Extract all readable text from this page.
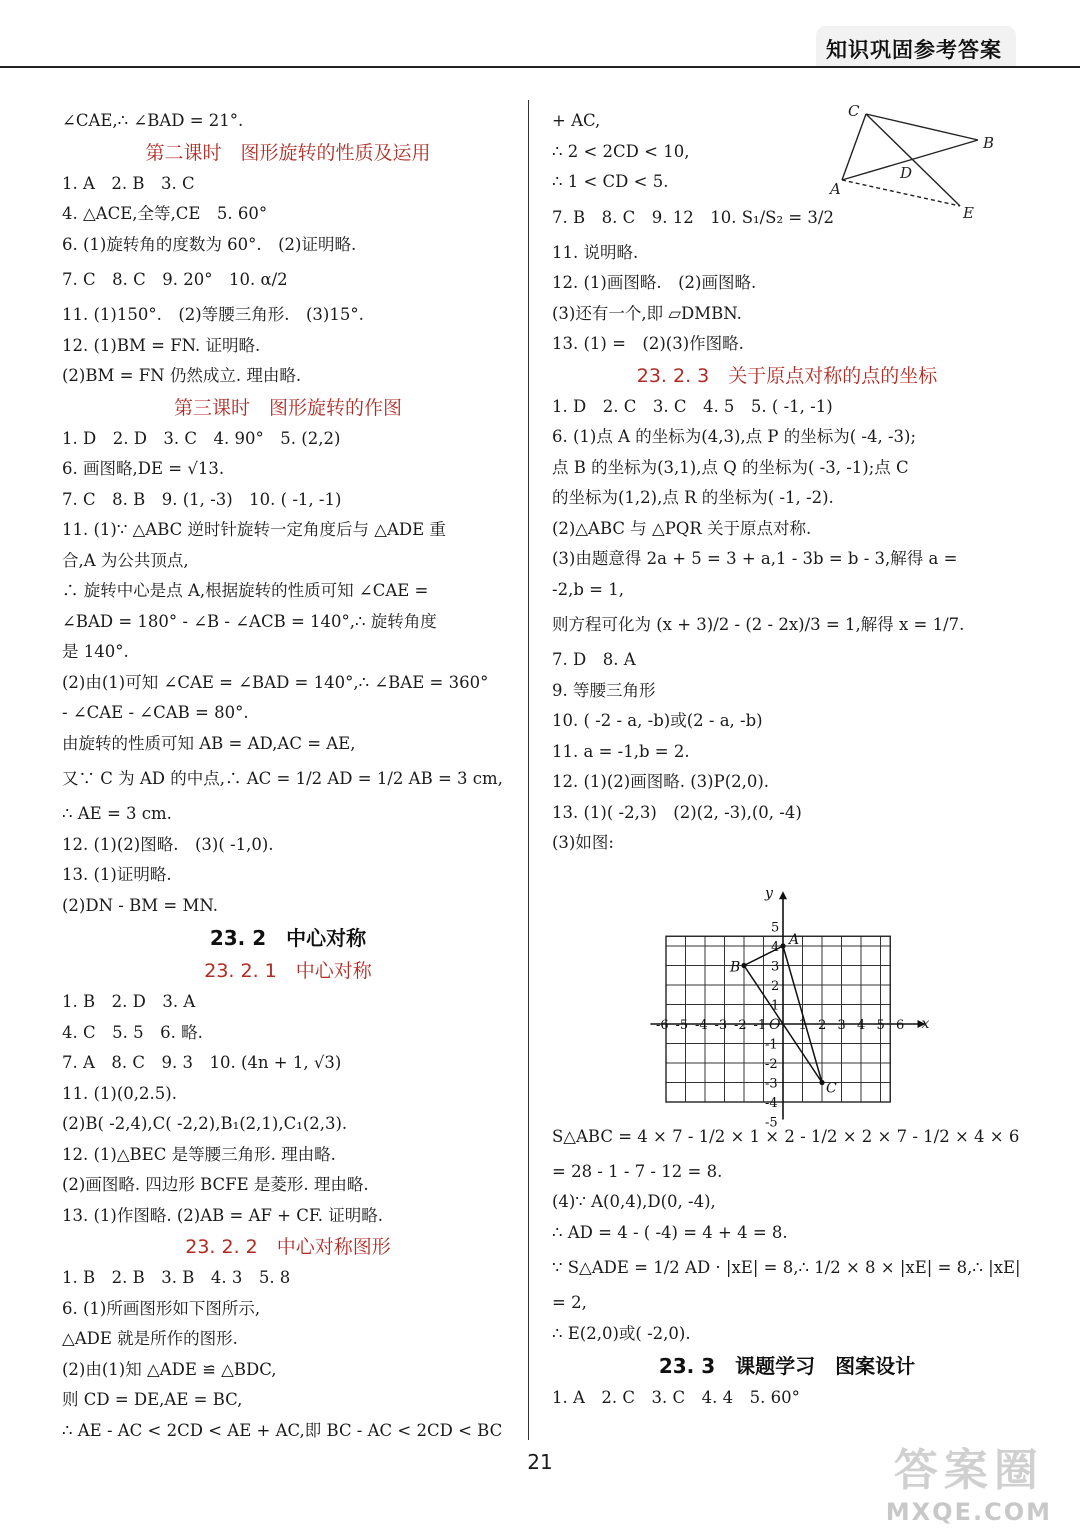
知识巩固参考答案
∠CAE,∴ ∠BAD = 21°.
第二课时　图形旋转的性质及运用
1. A　2. B　3. C
4. △ACE,全等,CE　5. 60°
6. (1)旋转角的度数为 60°.　(2)证明略.
7. C　8. C　9. 20°　10. α/2
11. (1)150°.　(2)等腰三角形.　(3)15°.
12. (1)BM = FN. 证明略.
(2)BM = FN 仍然成立. 理由略.
第三课时　图形旋转的作图
1. D　2. D　3. C　4. 90°　5. (2,2)
6. 画图略,DE = √13.
7. C　8. B　9. (1, -3)　10. ( -1, -1)
11. (1)∵ △ABC 逆时针旋转一定角度后与 △ADE 重
合,A 为公共顶点,
∴ 旋转中心是点 A,根据旋转的性质可知 ∠CAE =
∠BAD = 180° - ∠B - ∠ACB = 140°,∴ 旋转角度
是 140°.
(2)由(1)可知 ∠CAE = ∠BAD = 140°,∴ ∠BAE = 360°
- ∠CAE - ∠CAB = 80°.
由旋转的性质可知 AB = AD,AC = AE,
又∵ C 为 AD 的中点,∴ AC = 1/2 AD = 1/2 AB = 3 cm,
∴ AE = 3 cm.
12. (1)(2)图略.　(3)( -1,0).
13. (1)证明略.
(2)DN - BM = MN.
23. 2　中心对称
23. 2. 1　中心对称
1. B　2. D　3. A
4. C　5. 5　6. 略.
7. A　8. C　9. 3　10. (4n + 1, √3)
11. (1)(0,2.5).
(2)B( -2,4),C( -2,2),B₁(2,1),C₁(2,3).
12. (1)△BEC 是等腰三角形. 理由略.
(2)画图略. 四边形 BCFE 是菱形. 理由略.
13. (1)作图略. (2)AB = AF + CF. 证明略.
23. 2. 2　中心对称图形
1. B　2. B　3. B　4. 3　5. 8
6. (1)所画图形如下图所示,
△ADE 就是所作的图形.
(2)由(1)知 △ADE ≌ △BDC,
则 CD = DE,AE = BC,
∴ AE - AC < 2CD < AE + AC,即 BC - AC < 2CD < BC
+ AC,
∴ 2 < 2CD < 10,
∴ 1 < CD < 5.
7. B　8. C　9. 12　10. S₁/S₂ = 3/2
11. 说明略.
12. (1)画图略.　(2)画图略.
(3)还有一个,即 ▱DMBN.
13. (1) =　(2)(3)作图略.
23. 2. 3　关于原点对称的点的坐标
1. D　2. C　3. C　4. 5　5. ( -1, -1)
6. (1)点 A 的坐标为(4,3),点 P 的坐标为( -4, -3);
点 B 的坐标为(3,1),点 Q 的坐标为( -3, -1);点 C
的坐标为(1,2),点 R 的坐标为( -1, -2).
(2)△ABC 与 △PQR 关于原点对称.
(3)由题意得 2a + 5 = 3 + a,1 - 3b = b - 3,解得 a =
-2,b = 1,
则方程可化为 (x + 3)/2 - (2 - 2x)/3 = 1,解得 x = 1/7.
7. D　8. A
9. 等腰三角形
10. ( -2 - a, -b)或(2 - a, -b)
11. a = -1,b = 2.
12. (1)(2)画图略. (3)P(2,0).
13. (1)( -2,3)　(2)(2, -3),(0, -4)
(3)如图:
S△ABC = 4 × 7 - 1/2 × 1 × 2 - 1/2 × 2 × 7 - 1/2 × 4 × 6
= 28 - 1 - 7 - 12 = 8.
(4)∵ A(0,4),D(0, -4),
∴ AD = 4 - ( -4) = 4 + 4 = 8.
∵ S△ADE = 1/2 AD · |xE| = 8,∴ 1/2 × 8 × |xE| = 8,∴ |xE|
= 2,
∴ E(2,0)或( -2,0).
23. 3　课题学习　图案设计
1. A　2. C　3. C　4. 4　5. 60°
C
B
D
A
E
-6 -5 -4 -3 -2 -1 1 2 3 4 5 6
5
4
3
2
1
-1
-2
-3
-4
-5
O	x
y
A
B
C
21	答案圈
MXQE.COM
